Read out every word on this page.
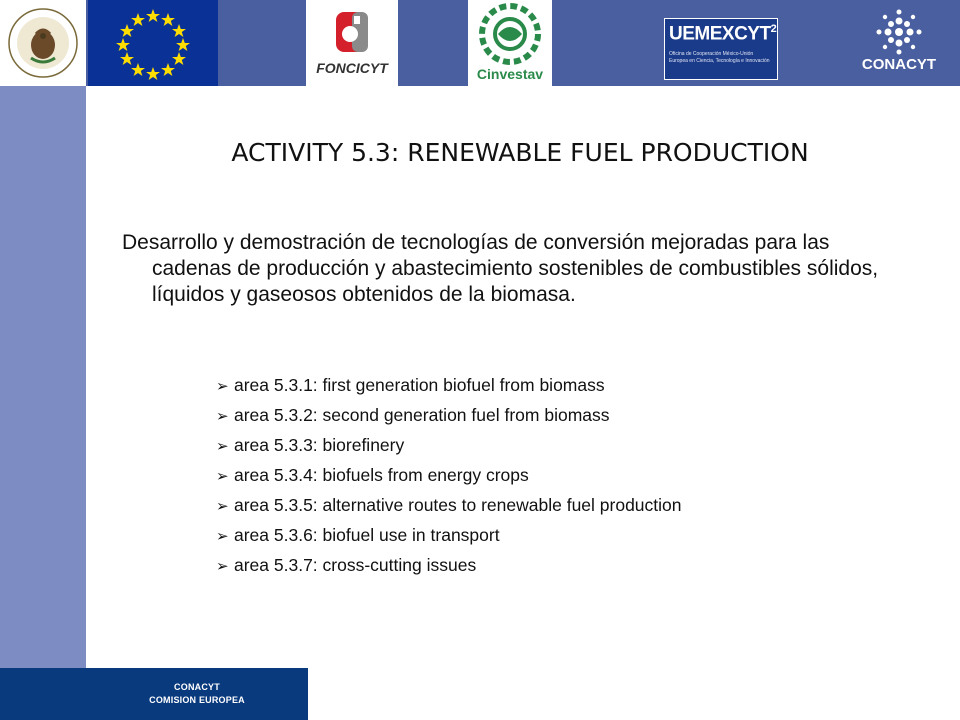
FONCICYT	Cinvestav
UEMEXCYT$^2$
Oficina de Cooperación México-Unión Europea en Ciencia, Tecnología e Innovación	CONACYT
CONACYT
COMISION EUROPEA
ACTIVITY 5.3: RENEWABLE FUEL PRODUCTION
Desarrollo y demostración de tecnologías de conversión mejoradas para las cadenas de producción y abastecimiento sostenibles de combustibles sólidos, líquidos y gaseosos obtenidos de la biomasa.
➢ area 5.3.1: first generation biofuel from biomass
➢ area 5.3.2: second generation fuel from biomass
➢ area 5.3.3: biorefinery
➢ area 5.3.4: biofuels from energy crops
➢ area 5.3.5: alternative routes to renewable fuel production
➢ area 5.3.6: biofuel use in transport
➢ area 5.3.7: cross-cutting issues
